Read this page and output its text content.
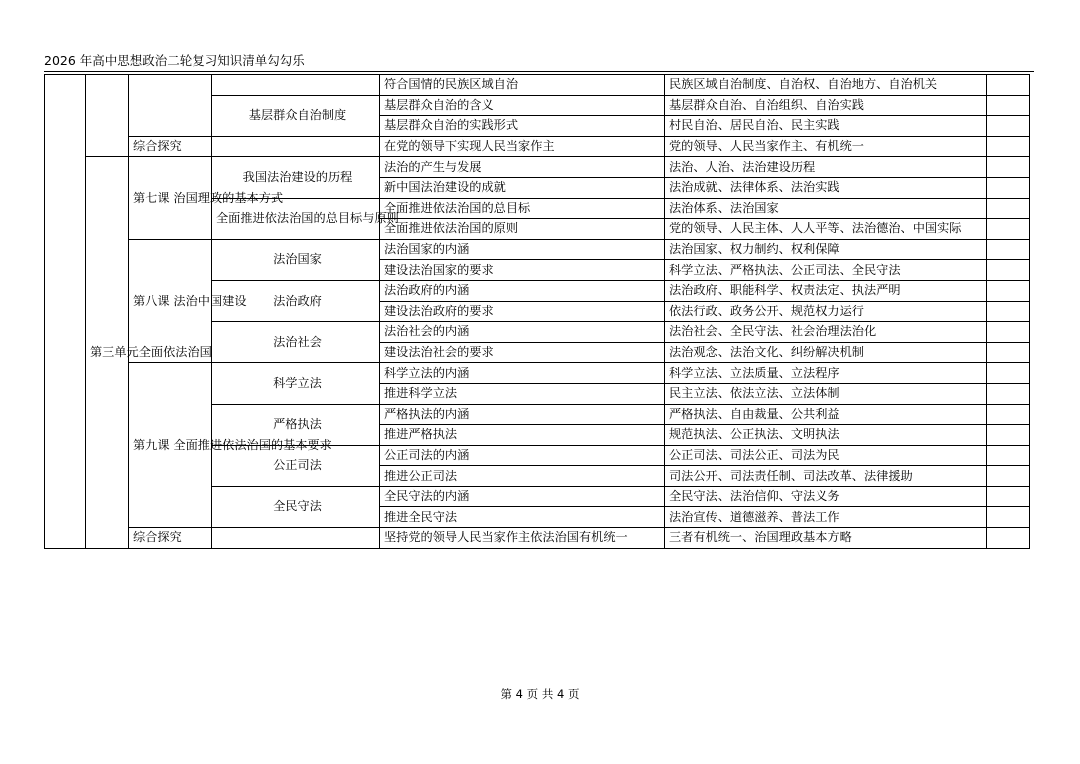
2026 年高中思想政治二轮复习知识清单勾勾乐
				符合国情的民族区域自治	民族区域自治制度、自治权、自治地方、自治机关	
			基层群众自治制度	基层群众自治的含义	基层群众自治、自治组织、自治实践	
				基层群众自治的实践形式	村民自治、居民自治、民主实践	
		综合探究		在党的领导下实现人民当家作主	党的领导、人民当家作主、有机统一	
	第三单元全面依法治国	第七课 治国理政的基本方式	我国法治建设的历程	法治的产生与发展	法治、人治、法治建设历程	
				新中国法治建设的成就	法治成就、法律体系、法治实践	
			全面推进依法治国的总目标与原则	全面推进依法治国的总目标	法治体系、法治国家	
				全面推进依法治国的原则	党的领导、人民主体、人人平等、法治德治、中国实际	
		第八课 法治中国建设	法治国家	法治国家的内涵	法治国家、权力制约、权利保障	
				建设法治国家的要求	科学立法、严格执法、公正司法、全民守法	
			法治政府	法治政府的内涵	法治政府、职能科学、权责法定、执法严明	
				建设法治政府的要求	依法行政、政务公开、规范权力运行	
			法治社会	法治社会的内涵	法治社会、全民守法、社会治理法治化	
				建设法治社会的要求	法治观念、法治文化、纠纷解决机制	
		第九课 全面推进依法治国的基本要求	科学立法	科学立法的内涵	科学立法、立法质量、立法程序	
				推进科学立法	民主立法、依法立法、立法体制	
			严格执法	严格执法的内涵	严格执法、自由裁量、公共利益	
				推进严格执法	规范执法、公正执法、文明执法	
			公正司法	公正司法的内涵	公正司法、司法公正、司法为民	
				推进公正司法	司法公开、司法责任制、司法改革、法律援助	
			全民守法	全民守法的内涵	全民守法、法治信仰、守法义务	
				推进全民守法	法治宣传、道德滋养、普法工作	
		综合探究		坚持党的领导人民当家作主依法治国有机统一	三者有机统一、治国理政基本方略	
第 4 页 共 4 页
